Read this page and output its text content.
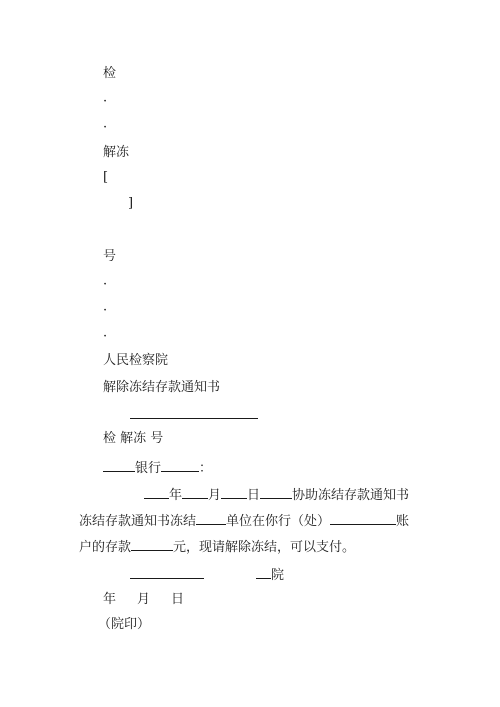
检
·
·
解冻
[
]
号
·
·
·
人民检察院
解除冻结存款通知书
检 解冻 号
银行	：
年 月 日 协助冻结存款通知书
冻结存款通知书冻结 单位在你行（处）	账
户的存款	元，现请解除冻结，可以支付。
院
年 月 日
（院印）
